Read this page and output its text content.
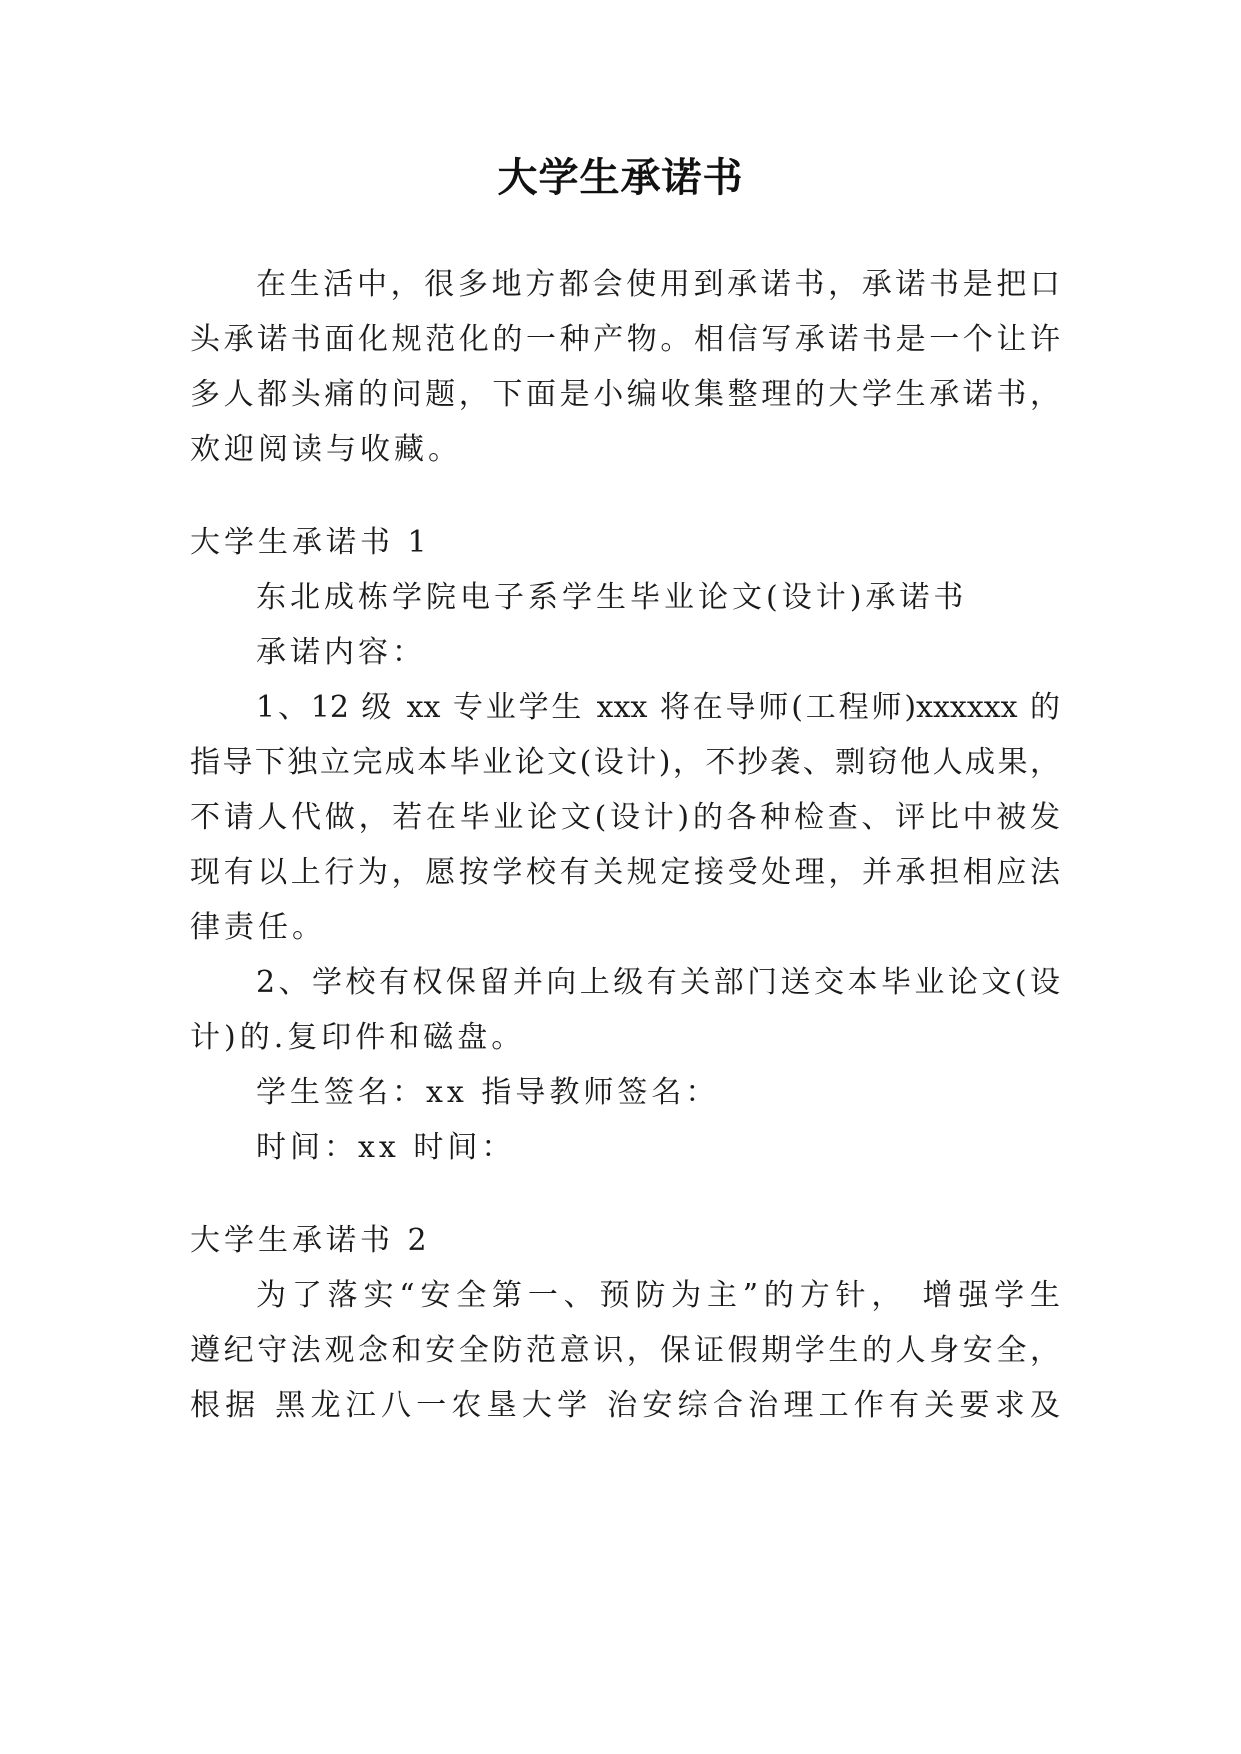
大学生承诺书
在生活中，很多地方都会使用到承诺书，承诺书是把口
头承诺书面化规范化的一种产物。相信写承诺书是一个让许
多人都头痛的问题，下面是小编收集整理的大学生承诺书，
欢迎阅读与收藏。
大学生承诺书 1
东北成栋学院电子系学生毕业论文(设计)承诺书
承诺内容：
1、12 级 xx 专业学生 xxx 将在导师(工程师)xxxxxx 的
指导下独立完成本毕业论文(设计)，不抄袭、剽窃他人成果，
不请人代做，若在毕业论文(设计)的各种检查、评比中被发
现有以上行为，愿按学校有关规定接受处理，并承担相应法
律责任。
2、学校有权保留并向上级有关部门送交本毕业论文(设
计)的.复印件和磁盘。
学生签名：xx 指导教师签名：
时间：xx 时间：
大学生承诺书 2
为了落实“安全第一、预防为主”的方针， 增强学生
遵纪守法观念和安全防范意识，保证假期学生的人身安全，
根据 黑龙江八一农垦大学 治安综合治理工作有关要求及
